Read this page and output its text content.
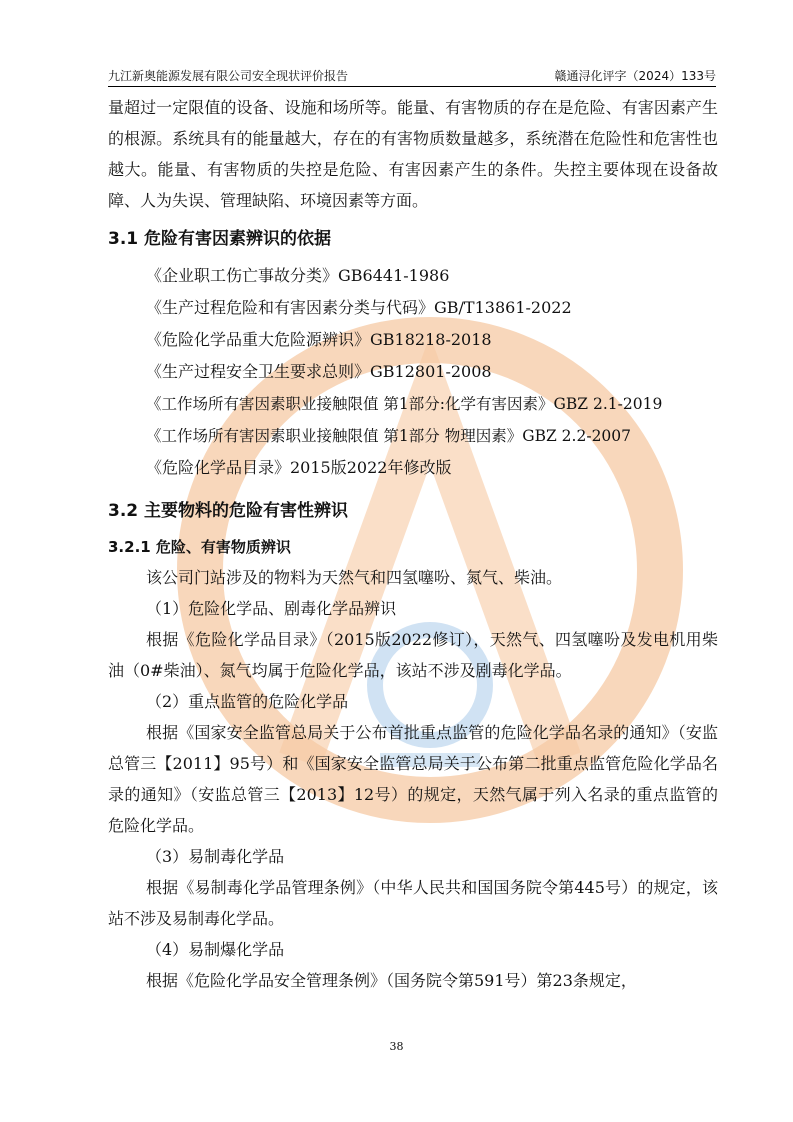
九江新奥能源发展有限公司安全现状评价报告	赣通浔化评字（2024）133号

量超过一定限值的设备、设施和场所等。能量、有害物质的存在是危险、有害因素产生的根源。系统具有的能量越大，存在的有害物质数量越多，系统潜在危险性和危害性也越大。能量、有害物质的失控是危险、有害因素产生的条件。失控主要体现在设备故障、人为失误、管理缺陷、环境因素等方面。

3.1 危险有害因素辨识的依据

《企业职工伤亡事故分类》GB6441-1986

《生产过程危险和有害因素分类与代码》GB/T13861-2022

《危险化学品重大危险源辨识》GB18218-2018

《生产过程安全卫生要求总则》GB12801-2008

《工作场所有害因素职业接触限值 第1部分:化学有害因素》GBZ 2.1-2019

《工作场所有害因素职业接触限值 第1部分 物理因素》GBZ 2.2-2007

《危险化学品目录》2015版2022年修改版

3.2 主要物料的危险有害性辨识
3.2.1 危险、有害物质辨识

该公司门站涉及的物料为天然气和四氢噻吩、氮气、柴油。

（1）危险化学品、剧毒化学品辨识

根据《危险化学品目录》（2015版2022修订），天然气、四氢噻吩及发电机用柴油（0#柴油）、氮气均属于危险化学品，该站不涉及剧毒化学品。

（2）重点监管的危险化学品

根据《国家安全监管总局关于公布首批重点监管的危险化学品名录的通知》（安监总管三【2011】95号）和《国家安全监管总局关于公布第二批重点监管危险化学品名录的通知》（安监总管三【2013】12号）的规定，天然气属于列入名录的重点监管的危险化学品。

（3）易制毒化学品

根据《易制毒化学品管理条例》（中华人民共和国国务院令第445号）的规定，该站不涉及易制毒化学品。

（4）易制爆化学品

根据《危险化学品安全管理条例》（国务院令第591号）第23条规定，

38
